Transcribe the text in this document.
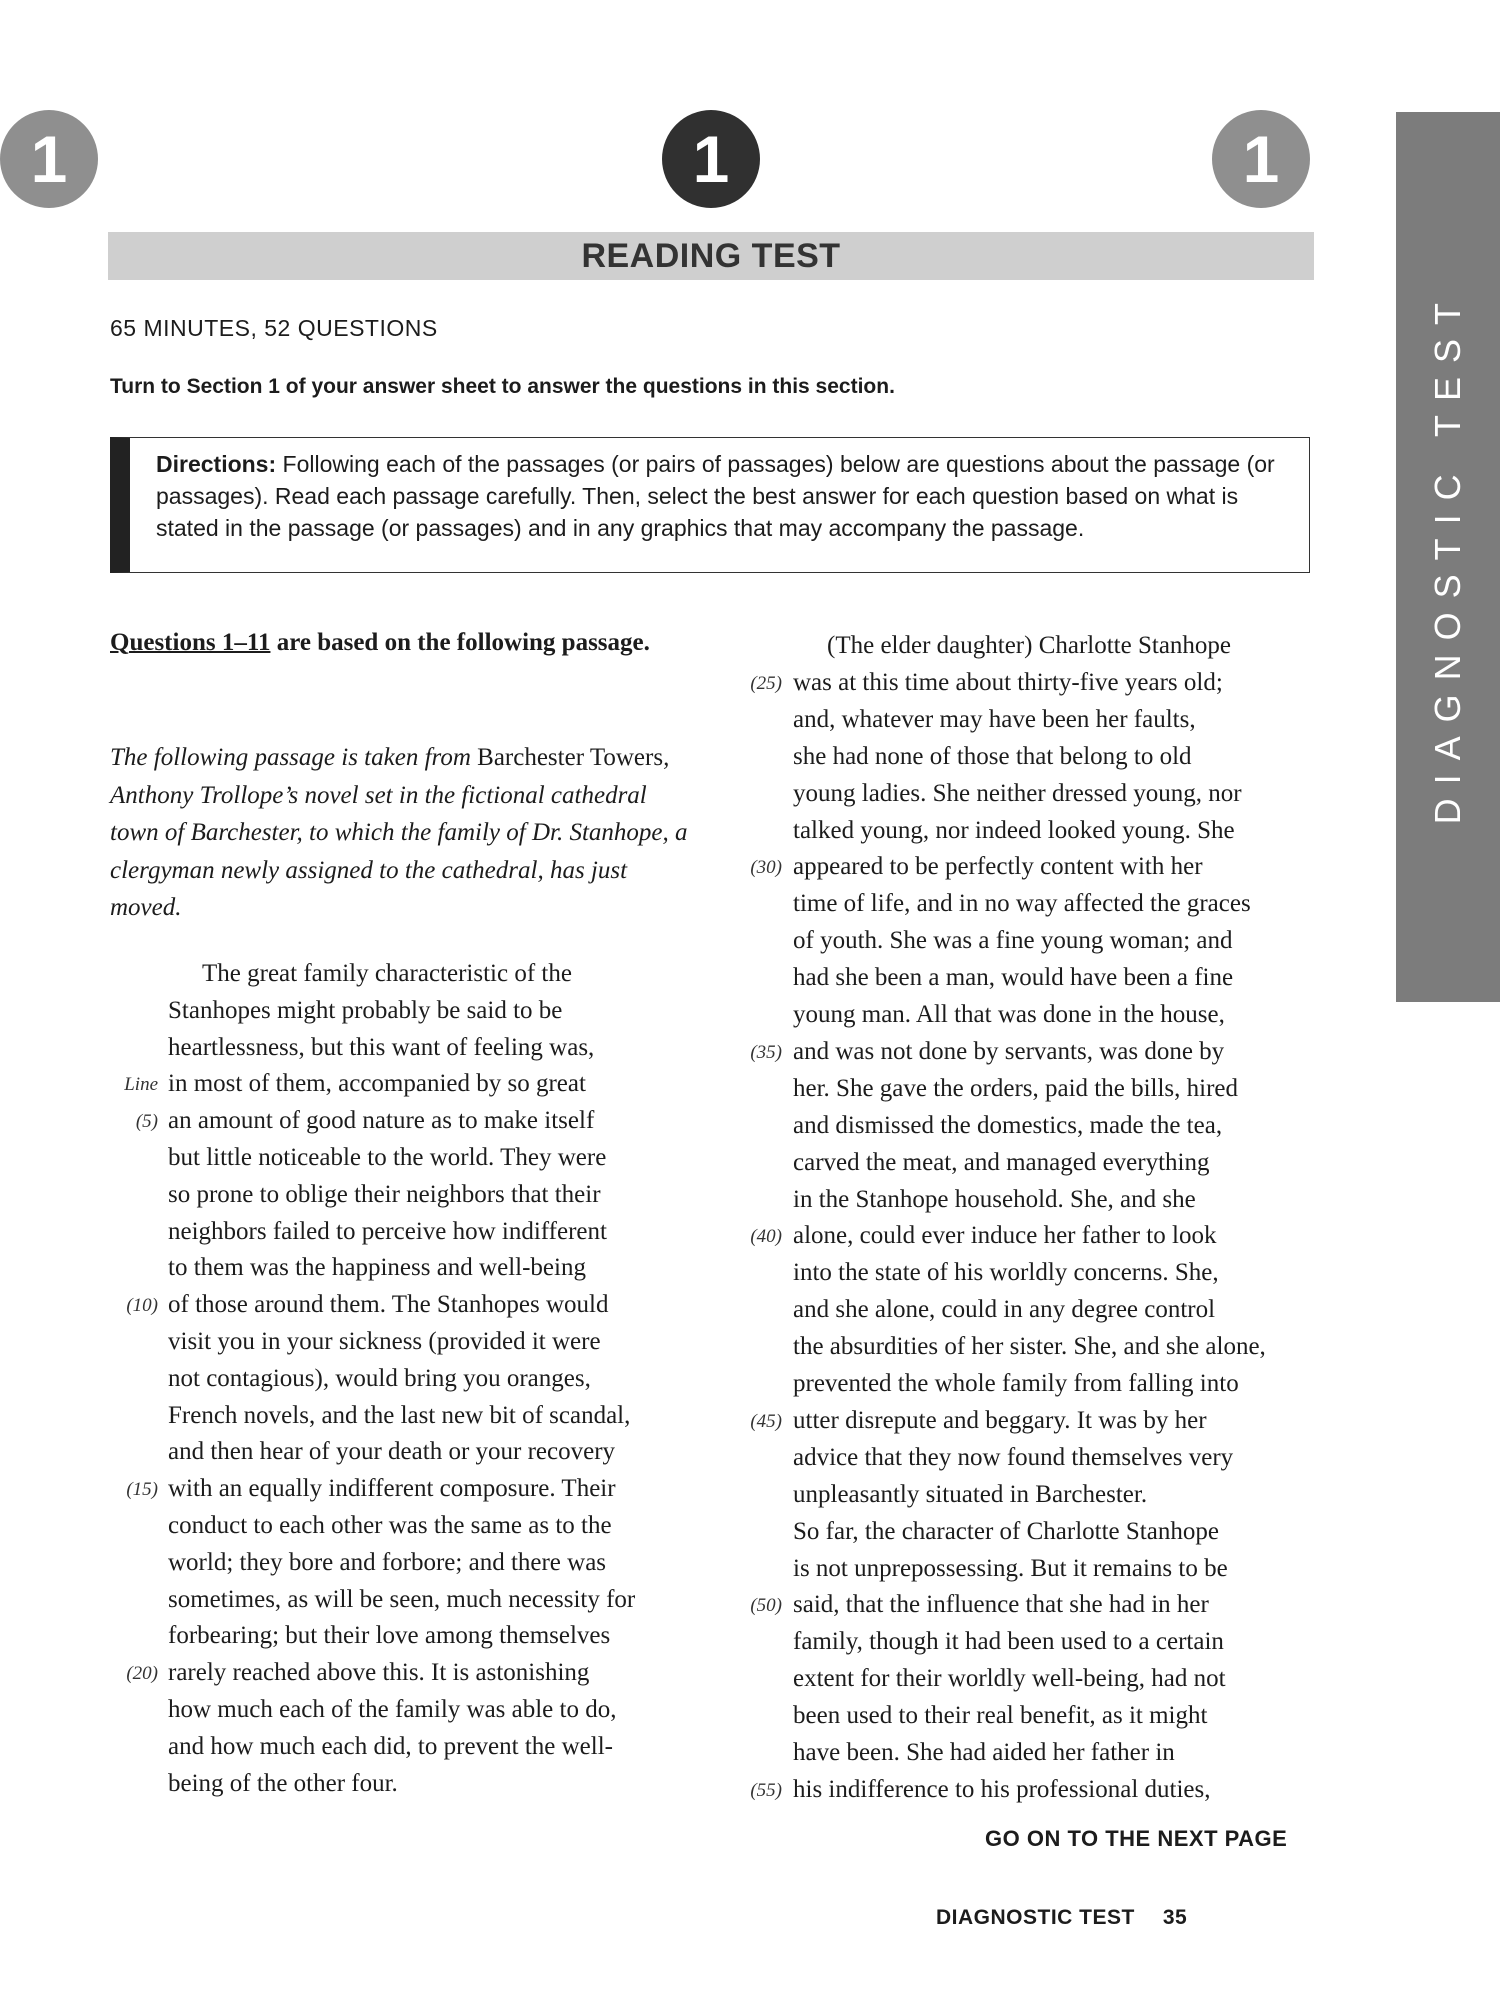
1	1	1
READING TEST
DIAGNOSTIC TEST
65 MINUTES, 52 QUESTIONS
Turn to Section 1 of your answer sheet to answer the questions in this section.

Directions: Following each of the passages (or pairs of passages) below are questions about the passage (or passages). Read each passage carefully. Then, select the best answer for each question based on what is stated in the passage (or passages) and in any graphics that may accompany the passage.

Questions 1–11 are based on the following passage.
The following passage is taken from Barchester Towers, Anthony Trollope’s novel set in the fictional cathedral town of Barchester, to which the family of Dr. Stanhope, a clergyman newly assigned to the cathedral, has just moved.
GO ON TO THE NEXT PAGE
DIAGNOSTIC TEST 35
The great family characteristic of the
Stanhopes might probably be said to be
heartlessness, but this want of feeling was,
in most of them, accompanied by so great
Line
an amount of good nature as to make itself
(5)
but little noticeable to the world. They were
so prone to oblige their neighbors that their
neighbors failed to perceive how indifferent
to them was the happiness and well-being
of those around them. The Stanhopes would
(10)
visit you in your sickness (provided it were
not contagious), would bring you oranges,
French novels, and the last new bit of scandal,
and then hear of your death or your recovery
with an equally indifferent composure. Their
(15)
conduct to each other was the same as to the
world; they bore and forbore; and there was
sometimes, as will be seen, much necessity for
forbearing; but their love among themselves
rarely reached above this. It is astonishing
(20)
how much each of the family was able to do,
and how much each did, to prevent the well-
being of the other four.
(The elder daughter) Charlotte Stanhope
was at this time about thirty-five years old;
(25)
and, whatever may have been her faults,
she had none of those that belong to old
young ladies. She neither dressed young, nor
talked young, nor indeed looked young. She
appeared to be perfectly content with her
(30)
time of life, and in no way affected the graces
of youth. She was a fine young woman; and
had she been a man, would have been a fine
young man. All that was done in the house,
and was not done by servants, was done by
(35)
her. She gave the orders, paid the bills, hired
and dismissed the domestics, made the tea,
carved the meat, and managed everything
in the Stanhope household. She, and she
alone, could ever induce her father to look
(40)
into the state of his worldly concerns. She,
and she alone, could in any degree control
the absurdities of her sister. She, and she alone,
prevented the whole family from falling into
utter disrepute and beggary. It was by her
(45)
advice that they now found themselves very
unpleasantly situated in Barchester.
So far, the character of Charlotte Stanhope
is not unprepossessing. But it remains to be
said, that the influence that she had in her
(50)
family, though it had been used to a certain
extent for their worldly well-being, had not
been used to their real benefit, as it might
have been. She had aided her father in
his indifference to his professional duties,
(55)
